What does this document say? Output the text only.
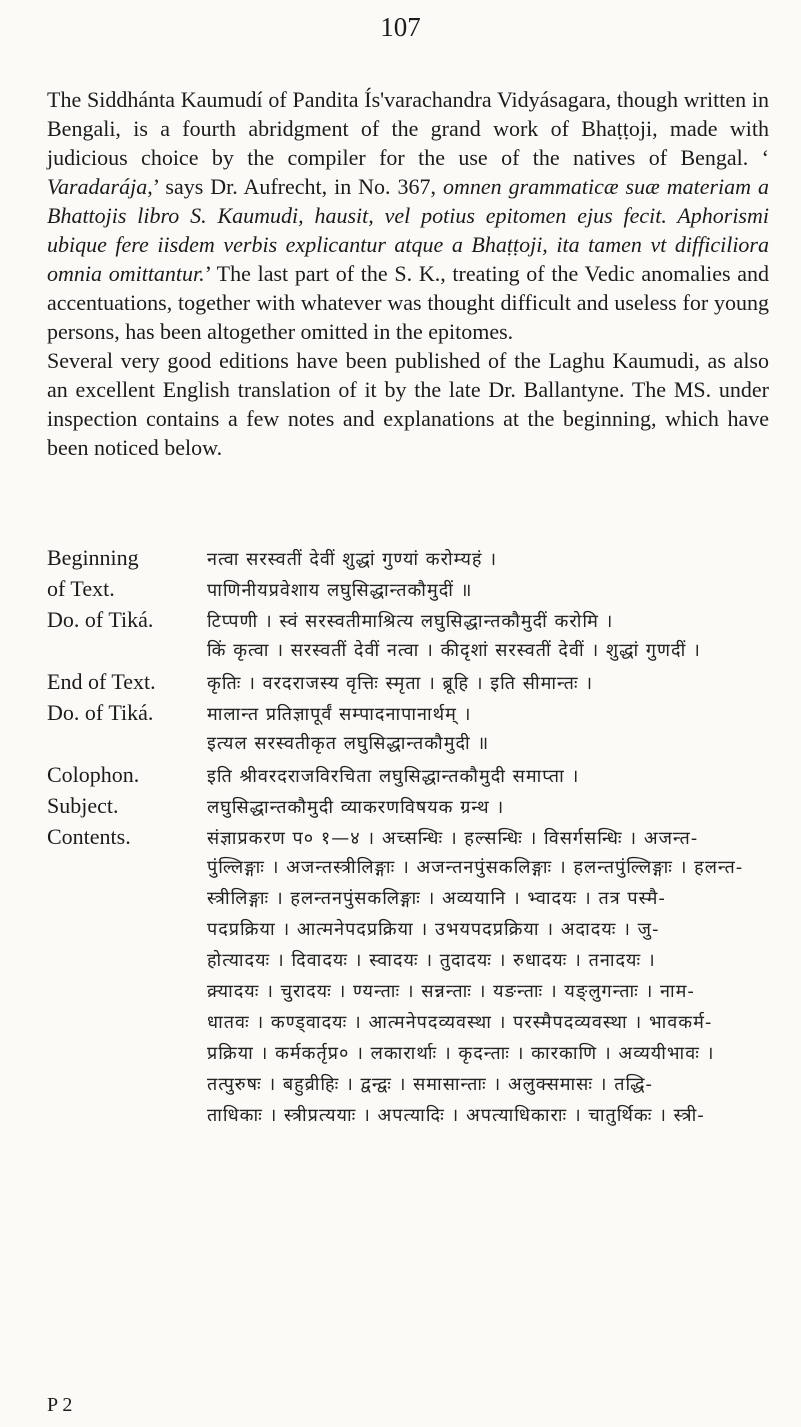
107

The Siddhánta Kaumudí of Pandita Ís'varachandra Vidyásagara, though written in Bengali, is a fourth abridgment of the grand work of Bhaṭṭoji, made with judicious choice by the compiler for the use of the natives of Bengal. ‘ Varadarája,’ says Dr. Aufrecht, in No. 367, omnen grammaticæ suæ materiam a Bhattojis libro S. Kaumudi, hausit, vel potius epitomen ejus fecit. Aphorismi ubique fere iisdem verbis explicantur atque a Bhaṭṭoji, ita tamen vt difficiliora omnia omittantur.’ The last part of the S. K., treating of the Vedic anomalies and accentuations, together with whatever was thought difficult and useless for young persons, has been altogether omitted in the epitomes.

Several very good editions have been published of the Laghu Kaumudi, as also an excellent English translation of it by the late Dr. Ballantyne. The MS. under inspection contains a few notes and explanations at the beginning, which have been noticed below.

Beginning	नत्वा सरस्वतीं देवीं शुद्धां गुण्यां करोम्यहं ।
of Text.	पाणिनीयप्रवेशाय लघुसिद्धान्तकौमुदीं ॥
Do. of Tiká.	टिप्पणी । स्वं सरस्वतीमाश्रित्य लघुसिद्धान्तकौमुदीं करोमि ।
किं कृत्वा । सरस्वतीं देवीं नत्वा । कीदृशां सरस्वतीं देवीं । शुद्धां गुणदीं ।
End of Text.	कृतिः । वरदराजस्य वृत्तिः स्मृता । ब्रूहि । इति सीमान्तः ।
Do. of Tiká.	मालान्त प्रतिज्ञापूर्वं सम्पादनापानार्थम् ।
इत्यल सरस्वतीकृत लघुसिद्धान्तकौमुदी ॥
Colophon.	इति श्रीवरदराजविरचिता लघुसिद्धान्तकौमुदी समाप्ता ।
Subject.	लघुसिद्धान्तकौमुदी व्याकरणविषयक ग्रन्थ ।
Contents.	संज्ञाप्रकरण प० १—४ । अच्सन्धिः । हल्सन्धिः । विसर्गसन्धिः । अजन्त-
पुंल्लिङ्गाः । अजन्तस्त्रीलिङ्गाः । अजन्तनपुंसकलिङ्गाः । हलन्तपुंल्लिङ्गाः । हलन्त-
स्त्रीलिङ्गाः । हलन्तनपुंसकलिङ्गाः । अव्ययानि । भ्वादयः । तत्र पस्मै-
पदप्रक्रिया । आत्मनेपदप्रक्रिया । उभयपदप्रक्रिया । अदादयः । जु-
होत्यादयः । दिवादयः । स्वादयः । तुदादयः । रुधादयः । तनादयः ।
क्र्यादयः । चुरादयः । ण्यन्ताः । सन्नन्ताः । यङन्ताः । यङ्लुगन्ताः । नाम-
धातवः । कण्ड्वादयः । आत्मनेपदव्यवस्था । परस्मैपदव्यवस्था । भावकर्म-
प्रक्रिया । कर्मकर्तृप्र० । लकारार्थाः । कृदन्ताः । कारकाणि । अव्ययीभावः ।
तत्पुरुषः । बहुव्रीहिः । द्वन्द्वः । समासान्ताः । अलुक्समासः । तद्धि-
ताधिकाः । स्त्रीप्रत्ययाः । अपत्यादिः । अपत्याधिकाराः । चातुर्थिकः । स्त्री-
P 2
